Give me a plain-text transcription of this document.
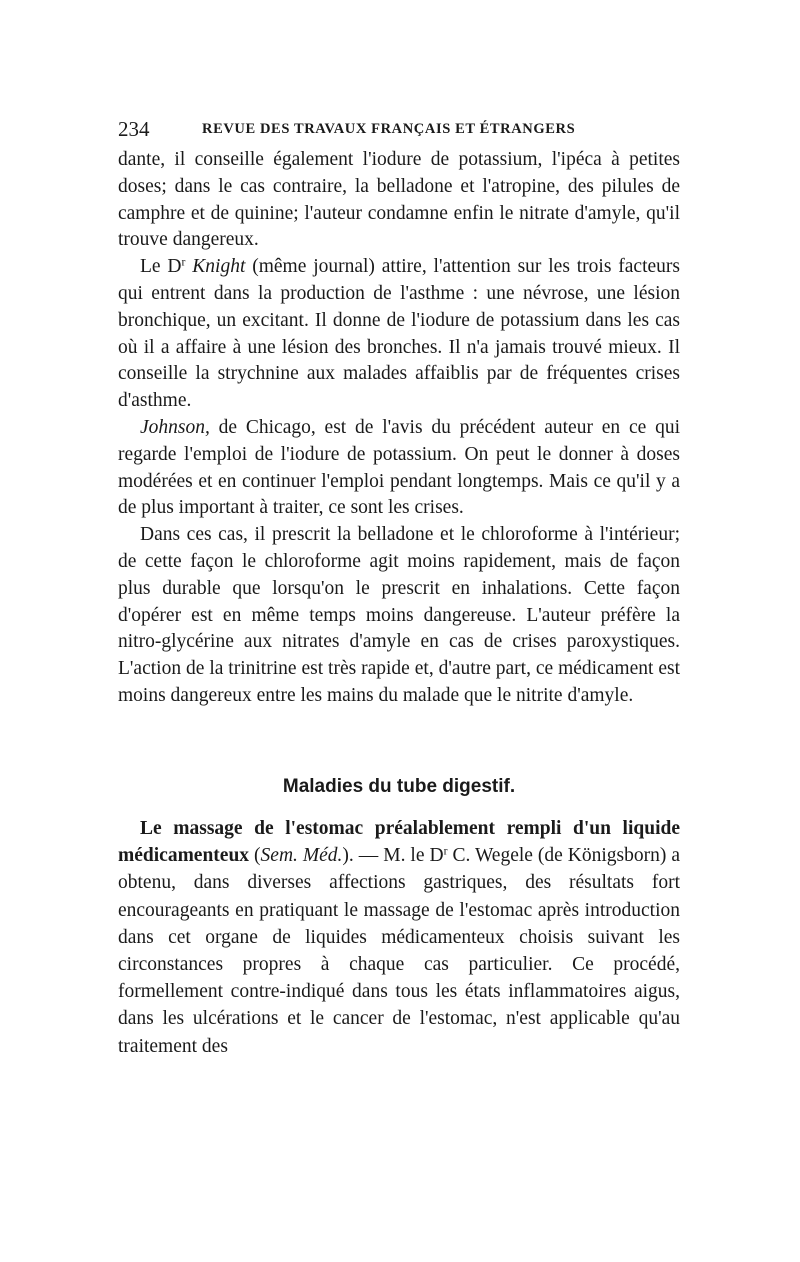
234	REVUE DES TRAVAUX FRANÇAIS ET ÉTRANGERS

dante, il conseille également l'iodure de potassium, l'ipéca à petites doses; dans le cas contraire, la belladone et l'atropine, des pilules de camphre et de quinine; l'auteur condamne enfin le nitrate d'amyle, qu'il trouve dangereux.

Le $D^r$ Knight (même journal) attire, l'attention sur les trois facteurs qui entrent dans la production de l'asthme : une névrose, une lésion bronchique, un excitant. Il donne de l'iodure de potassium dans les cas où il a affaire à une lésion des bronches. Il n'a jamais trouvé mieux. Il conseille la strychnine aux malades affaiblis par de fréquentes crises d'asthme.

Johnson, de Chicago, est de l'avis du précédent auteur en ce qui regarde l'emploi de l'iodure de potassium. On peut le donner à doses modérées et en continuer l'emploi pendant longtemps. Mais ce qu'il y a de plus important à traiter, ce sont les crises.

Dans ces cas, il prescrit la belladone et le chloroforme à l'intérieur; de cette façon le chloroforme agit moins rapidement, mais de façon plus durable que lorsqu'on le prescrit en inhalations. Cette façon d'opérer est en même temps moins dangereuse. L'auteur préfère la nitro-glycérine aux nitrates d'amyle en cas de crises paroxystiques. L'action de la trinitrine est très rapide et, d'autre part, ce médicament est moins dangereux entre les mains du malade que le nitrite d'amyle.

Maladies du tube digestif.

Le massage de l'estomac préalablement rempli d'un liquide médicamenteux (Sem. Méd.). — M. le $D^r$ C. Wegele (de Königsborn) a obtenu, dans diverses affections gastriques, des résultats fort encourageants en pratiquant le massage de l'estomac après introduction dans cet organe de liquides médicamenteux choisis suivant les circonstances propres à chaque cas particulier. Ce procédé, formellement contre-indiqué dans tous les états inflammatoires aigus, dans les ulcérations et le cancer de l'estomac, n'est applicable qu'au traitement des
